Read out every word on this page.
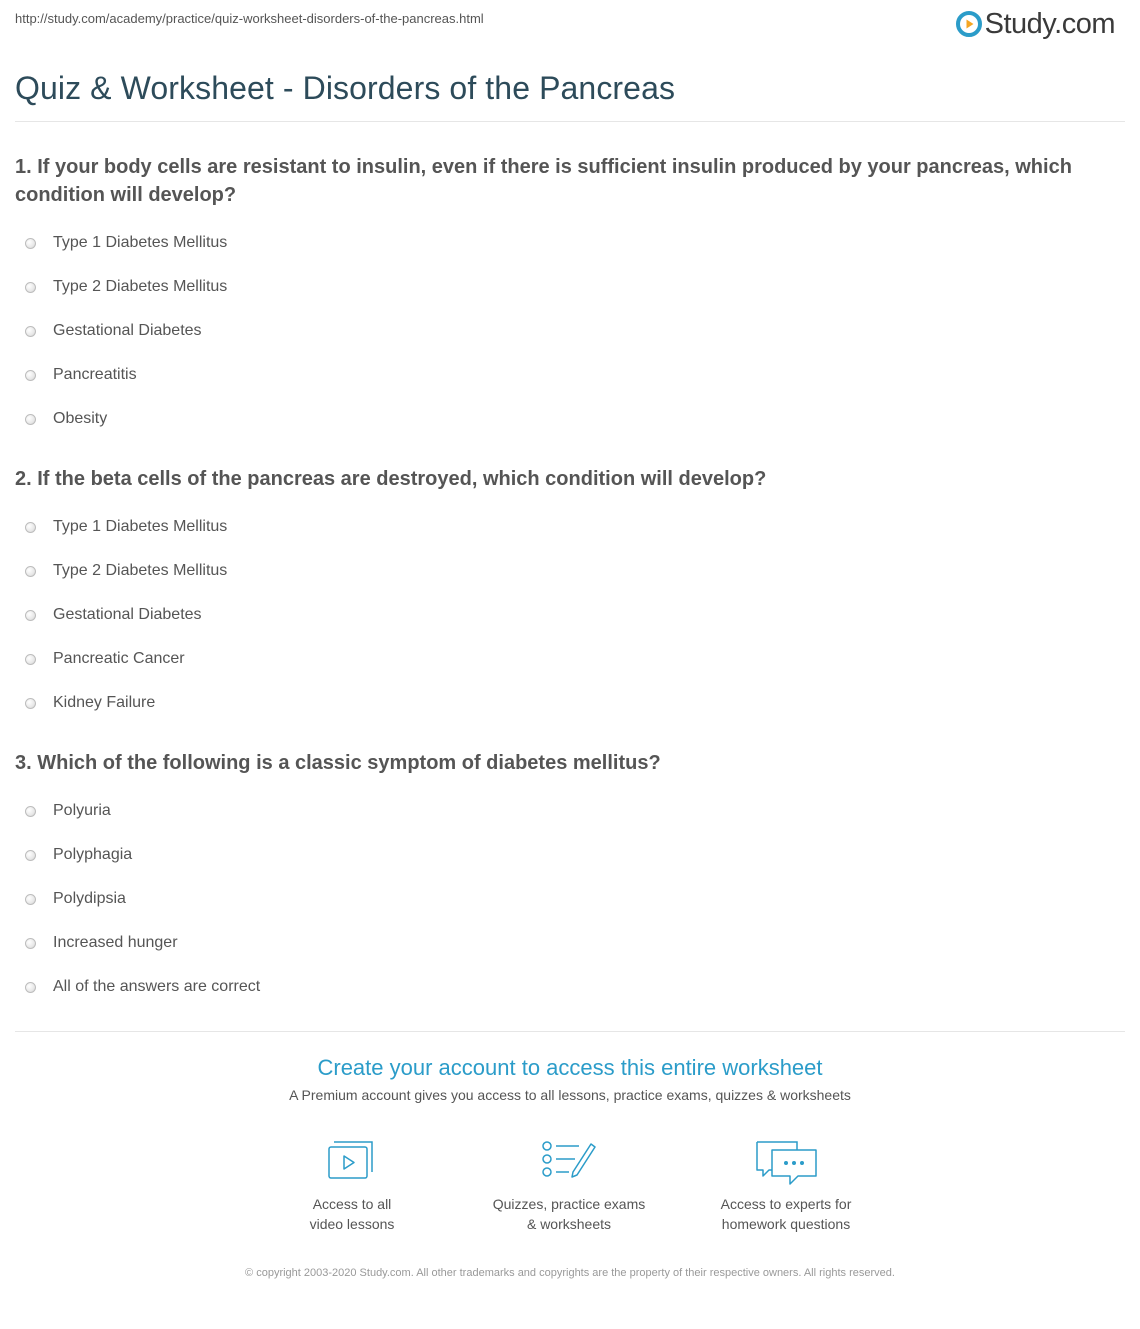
http://study.com/academy/practice/quiz-worksheet-disorders-of-the-pancreas.html	Study.com
Quiz & Worksheet - Disorders of the Pancreas

1. If your body cells are resistant to insulin, even if there is sufficient insulin produced by your pancreas, which condition will develop?

Type 1 Diabetes Mellitus
Type 2 Diabetes Mellitus
Gestational Diabetes
Pancreatitis
Obesity

2. If the beta cells of the pancreas are destroyed, which condition will develop?

Type 1 Diabetes Mellitus
Type 2 Diabetes Mellitus
Gestational Diabetes
Pancreatic Cancer
Kidney Failure

3. Which of the following is a classic symptom of diabetes mellitus?

Polyuria
Polyphagia
Polydipsia
Increased hunger
All of the answers are correct
Create your account to access this entire worksheet
A Premium account gives you access to all lessons, practice exams, quizzes & worksheets
Access to all
video lessons
Quizzes, practice exams
& worksheets
Access to experts for
homework questions
© copyright 2003-2020 Study.com. All other trademarks and copyrights are the property of their respective owners. All rights reserved.
